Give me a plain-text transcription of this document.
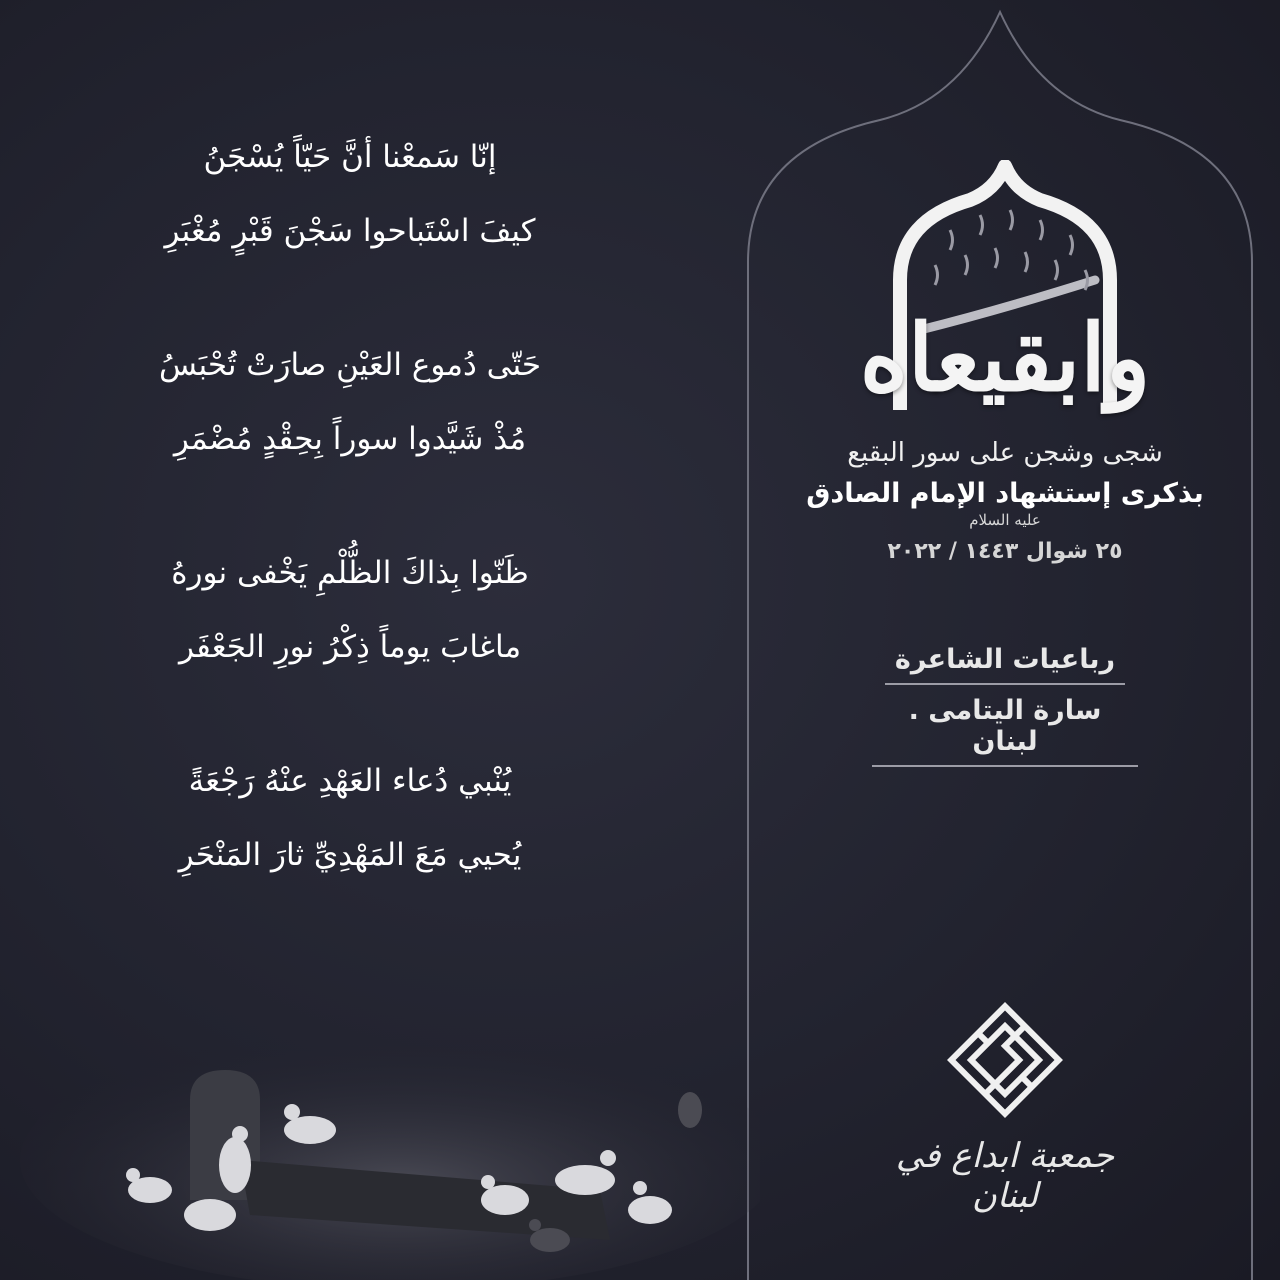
إنّا سَمعْنا أنَّ حَيّاً يُسْجَنُ
كيفَ اسْتَباحوا سَجْنَ قَبْرٍ مُغْبَرِ
حَتّى دُموع العَيْنِ صارَتْ تُحْبَسُ
مُذْ شَيَّدوا سوراً بِحِقْدٍ مُضْمَرِ
ظَنّوا بِذاكَ الظُّلْمِ يَخْفى نورهُ
ماغابَ يوماً ذِكْرُ نورِ الجَعْفَر
يُنْبي دُعاء العَهْدِ عنْهُ رَجْعَةً
يُحيي مَعَ المَهْدِيِّ ثارَ المَنْحَرِ
وابقيعاه
شجى وشجن على سور البقيع
بذكرى إستشهاد الإمام الصادق
عليه السلام
٢٥ شوال ١٤٤٣ / ٢٠٢٢
رباعيات الشاعرة
سارة اليتامى . لبنان
جمعية ابداع في لبنان
